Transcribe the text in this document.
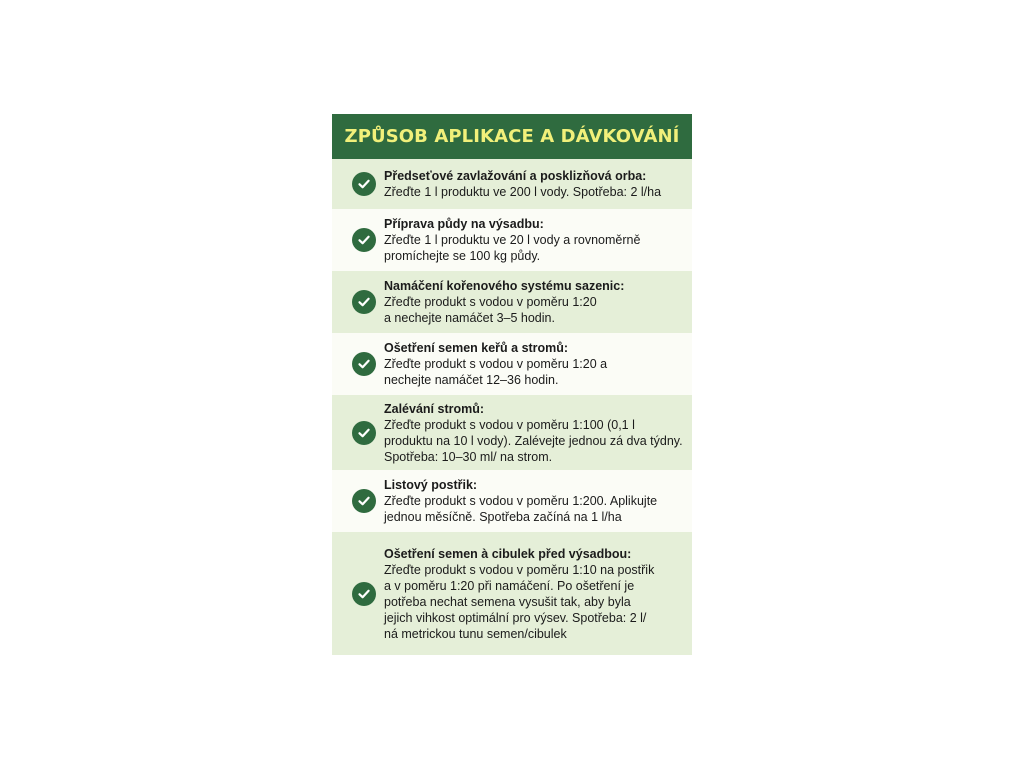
ZPŮSOB APLIKACE A DÁVKOVÁNÍ
Předseťové zavlažování a posklizňová orba:
Zřeďte 1 l produktu ve 200 l vody. Spotřeba: 2 l/ha
Příprava půdy na výsadbu:
Zřeďte 1 l produktu ve 20 l vody a rovnoměrně
promíchejte se 100 kg půdy.
Namáčení kořenového systému sazenic:
Zřeďte produkt s vodou v poměru 1:20
a nechejte namáčet 3–5 hodin.
Ošetření semen keřů a stromů:
Zřeďte produkt s vodou v poměru 1:20 a
nechejte namáčet 12–36 hodin.
Zalévání stromů:
Zřeďte produkt s vodou v poměru 1:100 (0,1 l
produktu na 10 l vody). Zalévejte jednou zá dva týdny.
Spotřeba: 10–30 ml/ na strom.
Listový postřik:
Zřeďte produkt s vodou v poměru 1:200. Aplikujte
jednou měsíčně. Spotřeba začíná na 1 l/ha
Ošetření semen à cibulek před výsadbou:
Zřeďte produkt s vodou v poměru 1:10 na postřik
a v poměru 1:20 při namáčení. Po ošetření je
potřeba nechat semena vysušit tak, aby byla
jejich vihkost optimální pro výsev. Spotřeba: 2 l/
ná metrickou tunu semen/cibulek
